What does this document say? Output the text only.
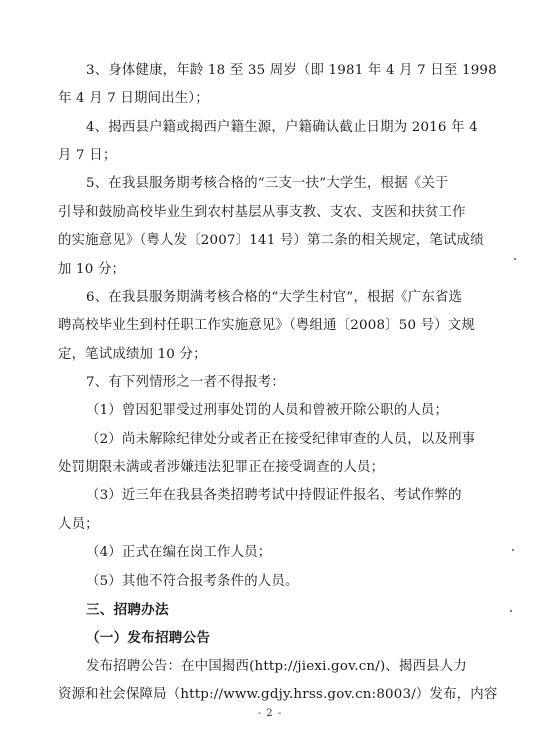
3、身体健康，年龄 18 至 35 周岁（即 1981 年 4 月 7 日至 1998
年 4 月 7 日期间出生）；
4、揭西县户籍或揭西户籍生源，户籍确认截止日期为 2016 年 4
月 7 日；
5、在我县服务期考核合格的“三支一扶”大学生，根据《关于
引导和鼓励高校毕业生到农村基层从事支教、支农、支医和扶贫工作
的实施意见》（粤人发〔2007〕141 号）第二条的相关规定，笔试成绩
加 10 分；
6、在我县服务期满考核合格的“大学生村官”，根据《广东省选
聘高校毕业生到村任职工作实施意见》（粤组通〔2008〕50 号）文规
定，笔试成绩加 10 分；
7、有下列情形之一者不得报考：
（1）曾因犯罪受过刑事处罚的人员和曾被开除公职的人员；
（2）尚未解除纪律处分或者正在接受纪律审查的人员，以及刑事
处罚期限未满或者涉嫌违法犯罪正在接受调查的人员；
（3）近三年在我县各类招聘考试中持假证件报名、考试作弊的
人员；
（4）正式在编在岗工作人员；
（5）其他不符合报考条件的人员。
三、招聘办法
（一）发布招聘公告
发布招聘公告：在中国揭西(http://jiexi.gov.cn/)、揭西县人力
资源和社会保障局（http://www.gdjy.hrss.gov.cn:8003/）发布，内容
- 2 -
